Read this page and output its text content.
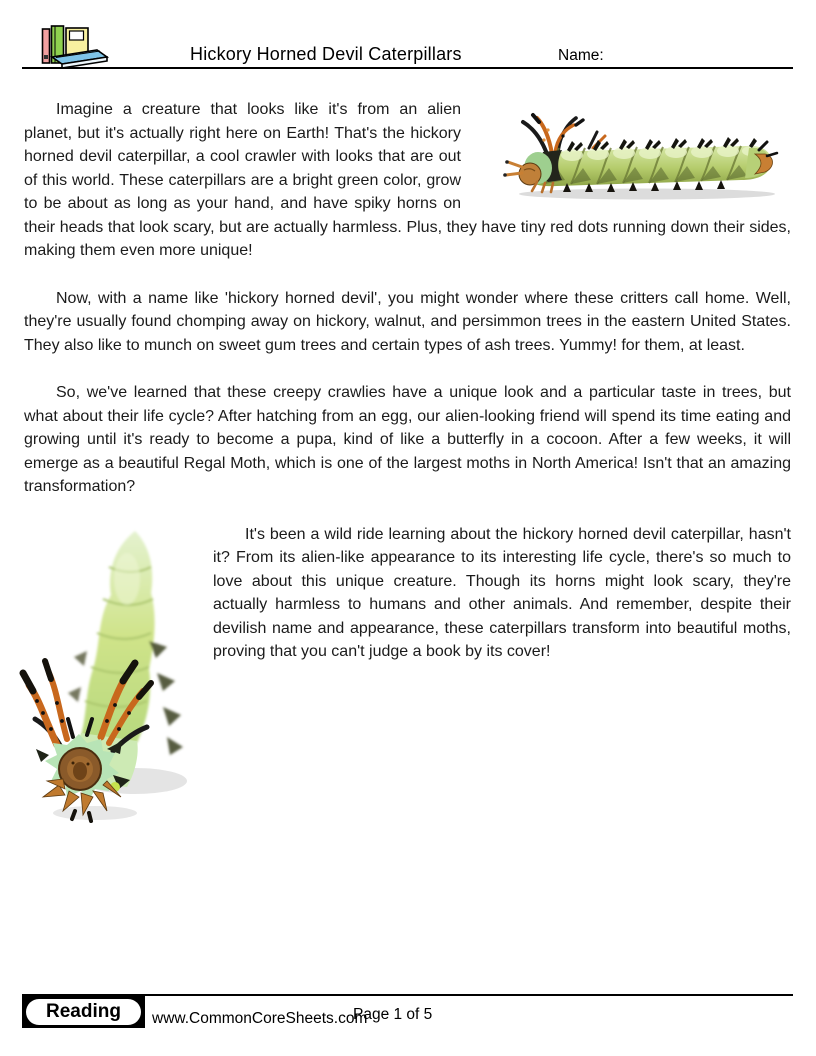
Hickory Horned Devil Caterpillars	Name:

Imagine a creature that looks like it's from an alien planet, but it's actually right here on Earth! That's the hickory horned devil caterpillar, a cool crawler with looks that are out of this world. These caterpillars are a bright green color, grow to be about as long as your hand, and have spiky horns on their heads that look scary, but are actually harmless. Plus, they have tiny red dots running down their sides, making them even more unique!

Now, with a name like 'hickory horned devil', you might wonder where these critters call home. Well, they're usually found chomping away on hickory, walnut, and persimmon trees in the eastern United States. They also like to munch on sweet gum trees and certain types of ash trees. Yummy! for them, at least.

So, we've learned that these creepy crawlies have a unique look and a particular taste in trees, but what about their life cycle? After hatching from an egg, our alien-looking friend will spend its time eating and growing until it's ready to become a pupa, kind of like a butterfly in a cocoon. After a few weeks, it will emerge as a beautiful Regal Moth, which is one of the largest moths in North America! Isn't that an amazing transformation?

It's been a wild ride learning about the hickory horned devil caterpillar, hasn't it? From its alien-like appearance to its interesting life cycle, there's so much to love about this unique creature. Though its horns might look scary, they're actually harmless to humans and other animals. And remember, despite their devilish name and appearance, these caterpillars transform into beautiful moths, proving that you can't judge a book by its cover!

Reading	www.CommonCoreSheets.com
Page 1 of 5
